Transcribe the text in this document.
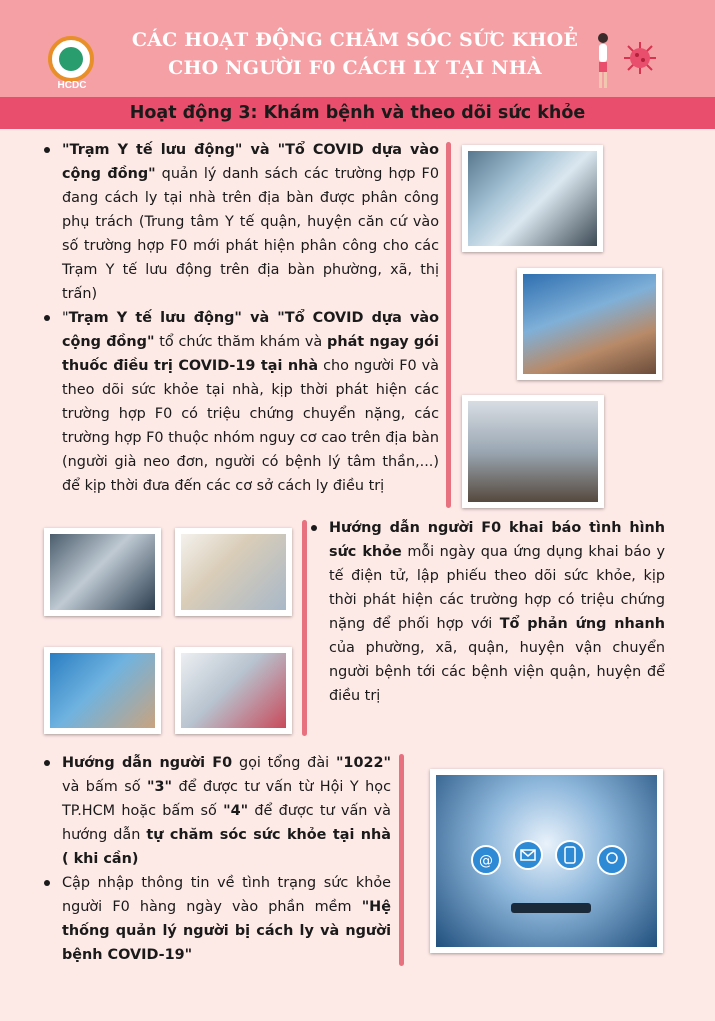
HCDC
CÁC HOẠT ĐỘNG CHĂM SÓC SỨC KHOẺ
CHO NGƯỜI F0 CÁCH LY TẠI NHÀ
Hoạt động 3: Khám bệnh và theo dõi sức khỏe
"Trạm Y tế lưu động" và "Tổ COVID dựa vào cộng đồng" quản lý danh sách các trường hợp F0 đang cách ly tại nhà trên địa bàn được phân công phụ trách (Trung tâm Y tế quận, huyện căn cứ vào số trường hợp F0 mới phát hiện phân công cho các Trạm Y tế lưu động trên địa bàn phường, xã, thị trấn)
"Trạm Y tế lưu động" và "Tổ COVID dựa vào cộng đồng" tổ chức thăm khám và phát ngay gói thuốc điều trị COVID-19 tại nhà cho người F0 và theo dõi sức khỏe tại nhà, kịp thời phát hiện các trường hợp F0 có triệu chứng chuyển nặng, các trường hợp F0 thuộc nhóm nguy cơ cao trên địa bàn (người già neo đơn, người có bệnh lý tâm thần,...) để kịp thời đưa đến các cơ sở cách ly điều trị
Hướng dẫn người F0 khai báo tình hình sức khỏe mỗi ngày qua ứng dụng khai báo y tế điện tử, lập phiếu theo dõi sức khỏe, kịp thời phát hiện các trường hợp có triệu chứng nặng để phối hợp với Tổ phản ứng nhanh của phường, xã, quận, huyện vận chuyển người bệnh tới các bệnh viện quận, huyện để điều trị
Hướng dẫn người F0 gọi tổng đài "1022" và bấm số "3" để được tư vấn từ Hội Y học TP.HCM hoặc bấm số "4" để được tư vấn và hướng dẫn tự chăm sóc sức khỏe tại nhà ( khi cần)
Cập nhập thông tin về tình trạng sức khỏe người F0 hàng ngày vào phần mềm "Hệ thống quản lý người bị cách ly và người bệnh COVID-19"
@
